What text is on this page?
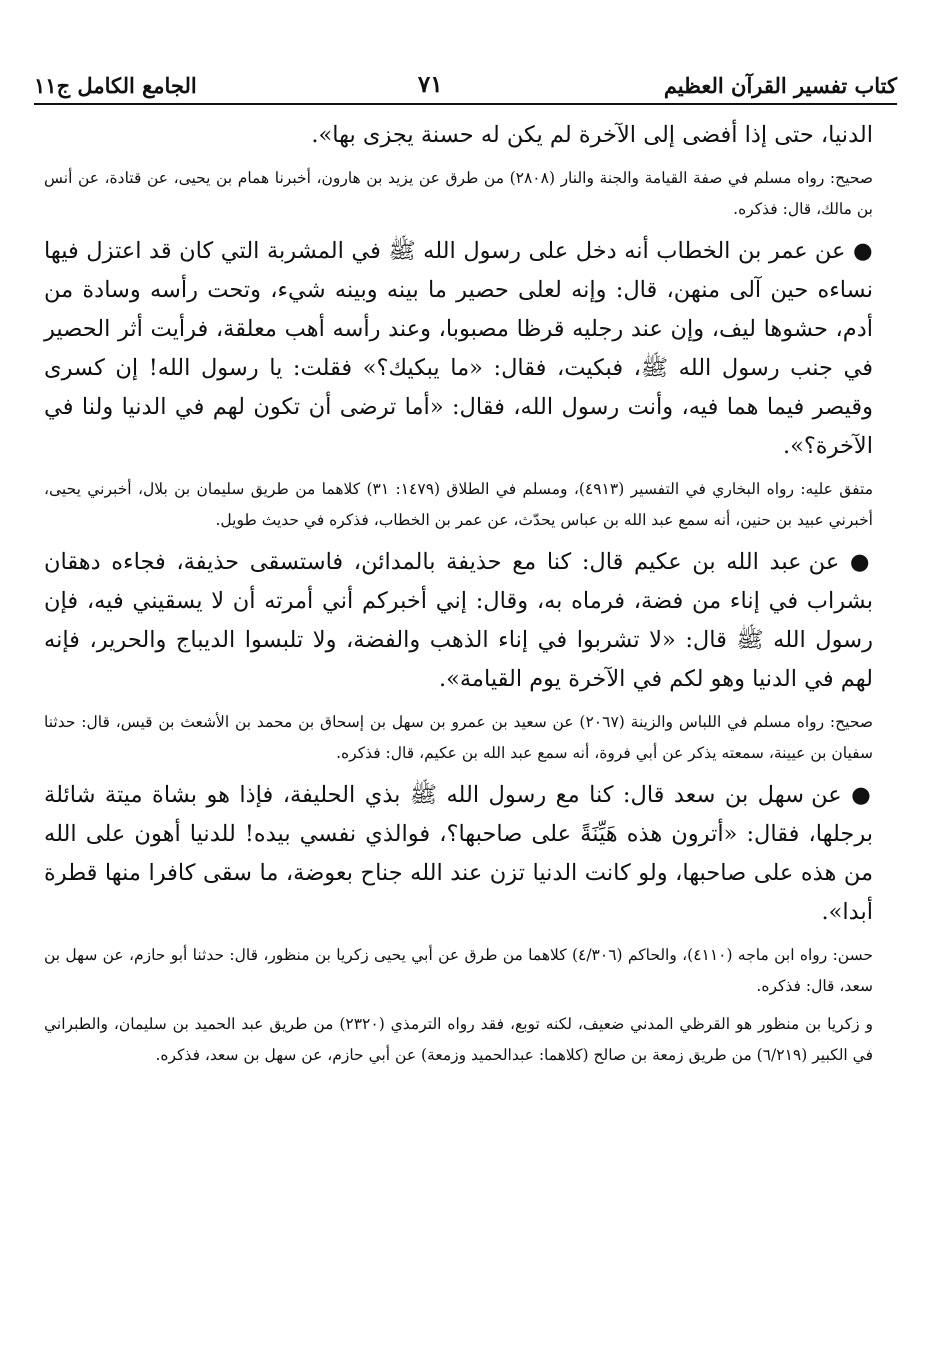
كتاب تفسير القرآن العظيم
٧١
الجامع الكامل ج١١

الدنيا، حتى إذا أفضى إلى الآخرة لم يكن له حسنة يجزى بها».

صحيح: رواه مسلم في صفة القيامة والجنة والنار (٢٨٠٨) من طرق عن يزيد بن هارون، أخبرنا همام بن يحيى، عن قتادة، عن أنس بن مالك، قال: فذكره.

● عن عمر بن الخطاب أنه دخل على رسول الله ﷺ في المشربة التي كان قد اعتزل فيها نساءه حين آلى منهن، قال: وإنه لعلى حصير ما بينه وبينه شيء، وتحت رأسه وسادة من أدم، حشوها ليف، وإن عند رجليه قرظا مصبوبا، وعند رأسه أهب معلقة، فرأيت أثر الحصير في جنب رسول الله ﷺ، فبكيت، فقال: «ما يبكيك؟» فقلت: يا رسول الله! إن كسرى وقيصر فيما هما فيه، وأنت رسول الله، فقال: «أما ترضى أن تكون لهم في الدنيا ولنا في الآخرة؟».

متفق عليه: رواه البخاري في التفسير (٤٩١٣)، ومسلم في الطلاق (١٤٧٩: ٣١) كلاهما من طريق سليمان بن بلال، أخبرني يحيى، أخبرني عبيد بن حنين، أنه سمع عبد الله بن عباس يحدّث، عن عمر بن الخطاب، فذكره في حديث طويل.

● عن عبد الله بن عكيم قال: كنا مع حذيفة بالمدائن، فاستسقى حذيفة، فجاءه دهقان بشراب في إناء من فضة، فرماه به، وقال: إني أخبركم أني أمرته أن لا يسقيني فيه، فإن رسول الله ﷺ قال: «لا تشربوا في إناء الذهب والفضة، ولا تلبسوا الديباج والحرير، فإنه لهم في الدنيا وهو لكم في الآخرة يوم القيامة».

صحيح: رواه مسلم في اللباس والزينة (٢٠٦٧) عن سعيد بن عمرو بن سهل بن إسحاق بن محمد بن الأشعث بن قيس، قال: حدثنا سفيان بن عيينة، سمعته يذكر عن أبي فروة، أنه سمع عبد الله بن عكيم، قال: فذكره.

● عن سهل بن سعد قال: كنا مع رسول الله ﷺ بذي الحليفة، فإذا هو بشاة ميتة شائلة برجلها، فقال: «أترون هذه هَيِّنَةً على صاحبها؟، فوالذي نفسي بيده! للدنيا أهون على الله من هذه على صاحبها، ولو كانت الدنيا تزن عند الله جناح بعوضة، ما سقى كافرا منها قطرة أبدا».

حسن: رواه ابن ماجه (٤١١٠)، والحاكم (٤/٣٠٦) كلاهما من طرق عن أبي يحيى زكريا بن منظور، قال: حدثنا أبو حازم، عن سهل بن سعد، قال: فذكره.

و زكريا بن منظور هو القرظي المدني ضعيف، لكنه توبع، فقد رواه الترمذي (٢٣٢٠) من طريق عبد الحميد بن سليمان، والطبراني في الكبير (٦/٢١٩) من طريق زمعة بن صالح (كلاهما: عبدالحميد وزمعة) عن أبي حازم، عن سهل بن سعد، فذكره.
